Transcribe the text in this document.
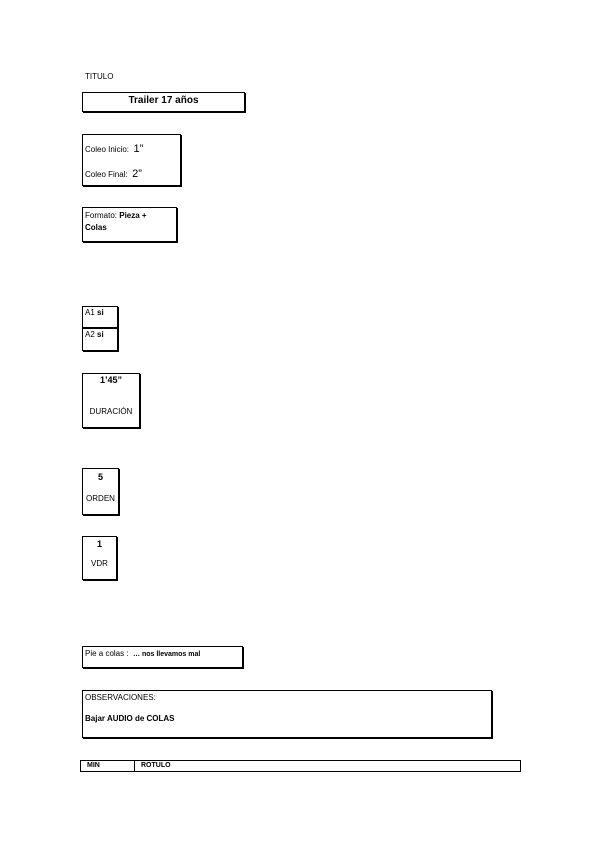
TITULO
Trailer 17 años
Coleo Inicio: 1”
Coleo Final: 2”
Formato: Pieza +
Colas
A1 si
A2 si
1’45”
DURACIÓN
5
ORDEN
1
VDR
Pie a colas : … nos llevamos mal
OBSERVACIONES:
Bajar AUDIO de COLAS
MIN	ROTULO
